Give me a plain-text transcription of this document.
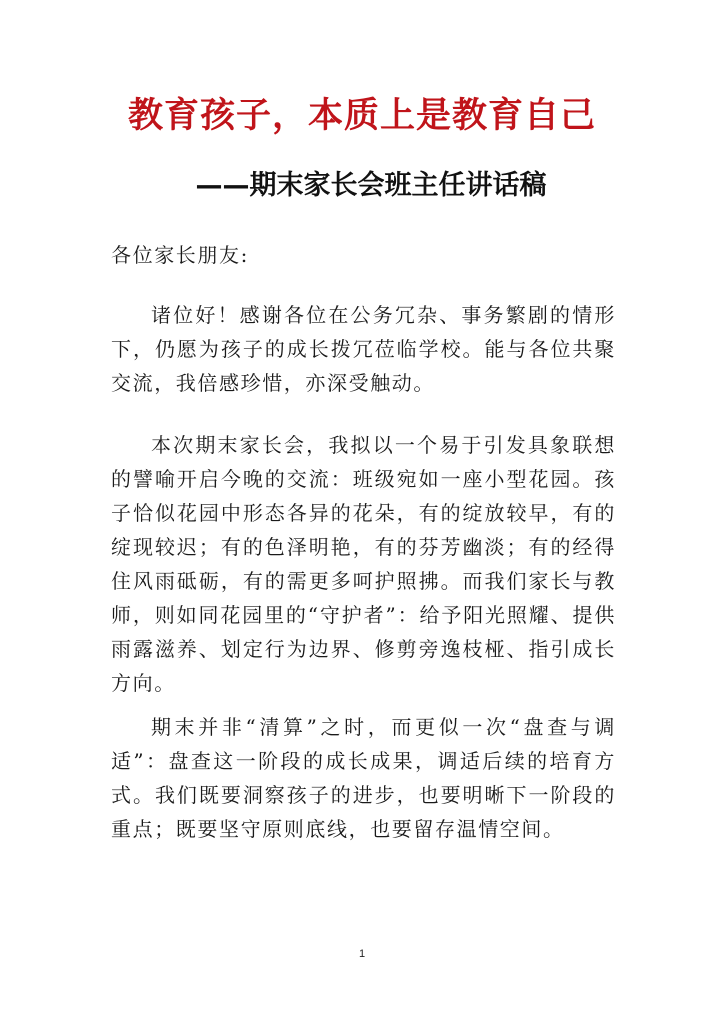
教育孩子，本质上是教育自己
——期末家长会班主任讲话稿
各位家长朋友:

诸位好！感谢各位在公务冗杂、事务繁剧的情形下，仍愿为孩子的成长拨冗莅临学校。能与各位共聚交流，我倍感珍惜，亦深受触动。

本次期末家长会，我拟以一个易于引发具象联想的譬喻开启今晚的交流：班级宛如一座小型花园。孩子恰似花园中形态各异的花朵，有的绽放较早，有的绽现较迟；有的色泽明艳，有的芬芳幽淡；有的经得住风雨砥砺，有的需更多呵护照拂。而我们家长与教师，则如同花园里的“守护者”：给予阳光照耀、提供雨露滋养、划定行为边界、修剪旁逸枝桠、指引成长方向。

期末并非“清算”之时，而更似一次“盘查与调适”：盘查这一阶段的成长成果，调适后续的培育方式。我们既要洞察孩子的进步，也要明晰下一阶段的重点；既要坚守原则底线，也要留存温情空间。

1
